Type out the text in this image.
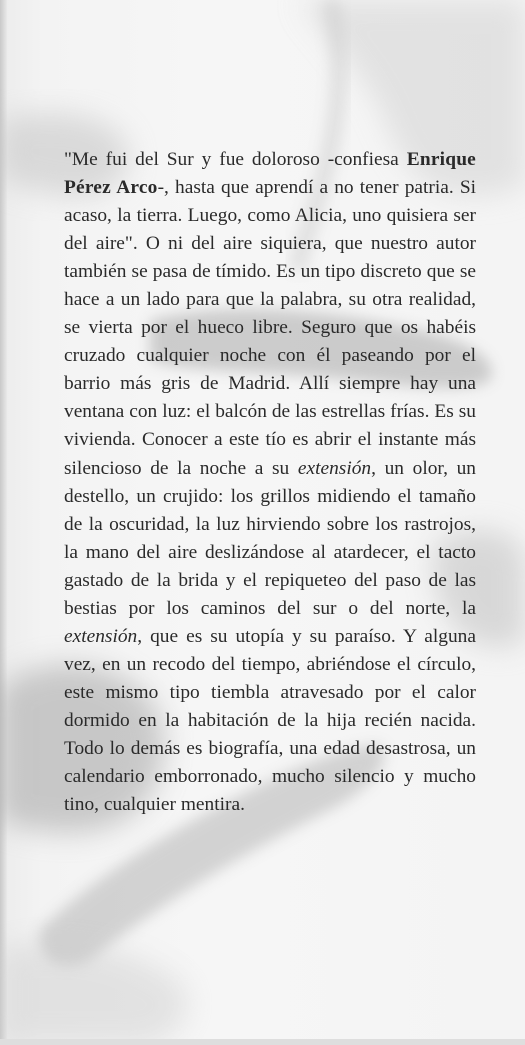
"Me fui del Sur y fue doloroso -confiesa Enrique Pérez Arco-, hasta que aprendí a no tener patria. Si acaso, la tierra. Luego, como Alicia, uno quisiera ser del aire". O ni del aire siquiera, que nuestro autor también se pasa de tímido. Es un tipo discreto que se hace a un lado para que la palabra, su otra realidad, se vierta por el hueco libre. Seguro que os habéis cruzado cualquier noche con él paseando por el barrio más gris de Madrid. Allí siempre hay una ventana con luz: el balcón de las estrellas frías. Es su vivienda. Conocer a este tío es abrir el instante más silencioso de la noche a su extensión, un olor, un destello, un crujido: los grillos midiendo el tamaño de la oscuridad, la luz hirviendo sobre los rastrojos, la mano del aire deslizándose al atardecer, el tacto gastado de la brida y el repiqueteo del paso de las bestias por los caminos del sur o del norte, la extensión, que es su utopía y su paraíso. Y alguna vez, en un recodo del tiempo, abriéndose el círculo, este mismo tipo tiembla atravesado por el calor dormido en la habitación de la hija recién nacida. Todo lo demás es biografía, una edad desastrosa, un calendario emborronado, mucho silencio y mucho tino, cualquier mentira.
